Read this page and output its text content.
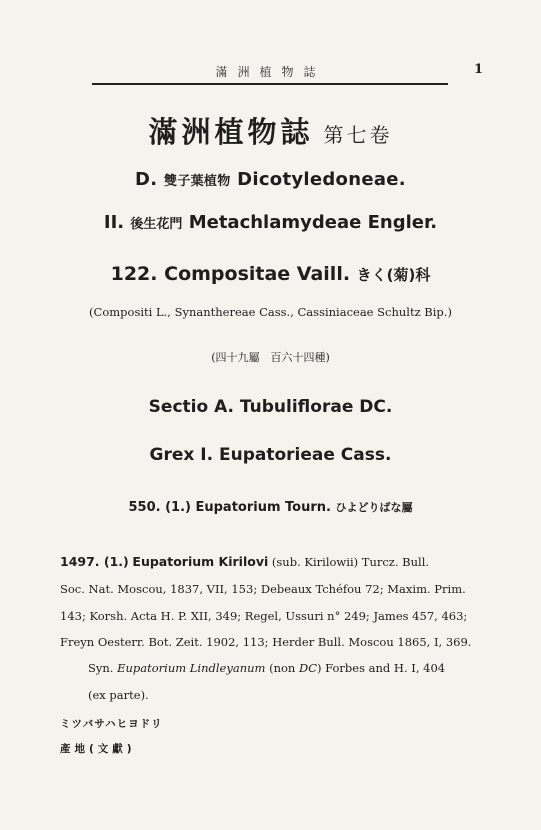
滿洲植物誌	1
滿洲植物誌 第七卷
D. 雙子葉植物 Dicotyledoneae.
II. 後生花門 Metachlamydeae Engler.
122. Compositae Vaill. きく(菊)科
(Compositi L., Synanthereae Cass., Cassiniaceae Schultz Bip.)
(四十九屬　百六十四種)
Sectio A. Tubuliflorae DC.
Grex I. Eupatorieae Cass.
550. (1.) Eupatorium Tourn. ひよどりばな屬
1497. (1.) Eupatorium Kirilovi (sub. Kirilowii) Turcz. Bull.
Soc. Nat. Moscou, 1837, VII, 153; Debeaux Tchéfou 72; Maxim. Prim.
143; Korsh. Acta H. P. XII, 349; Regel, Ussuri n° 249; James 457, 463;
Freyn Oesterr. Bot. Zeit. 1902, 113; Herder Bull. Moscou 1865, I, 369.
Syn. Eupatorium Lindleyanum (non DC) Forbes and H. I, 404
(ex parte).
ミツバサハヒヨドリ
產地(文獻)
